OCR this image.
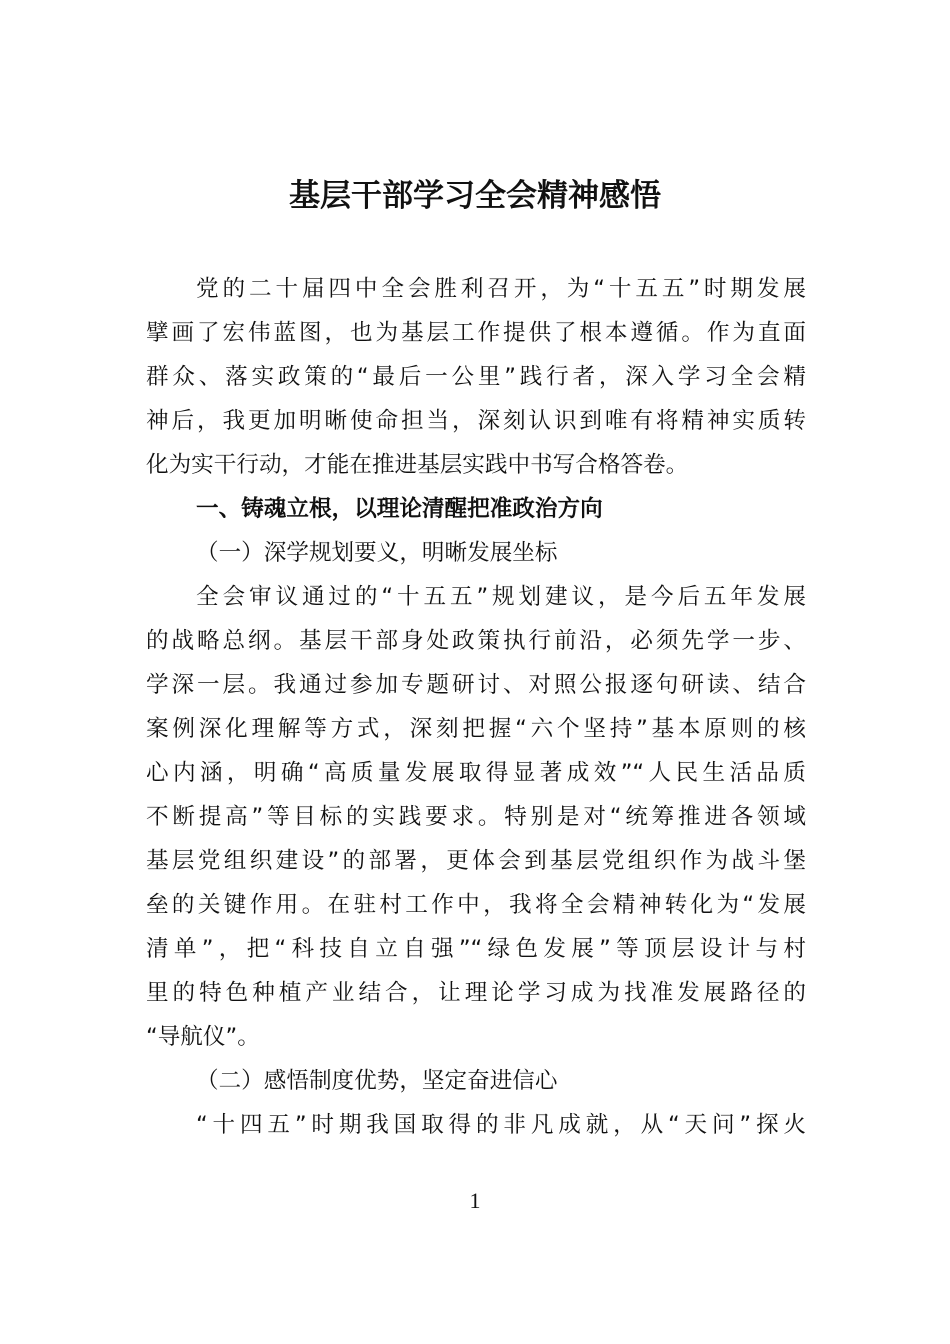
基层干部学习全会精神感悟
党的二十届四中全会胜利召开，为“十五五”时期发展
擘画了宏伟蓝图，也为基层工作提供了根本遵循。作为直面
群众、落实政策的“最后一公里”践行者，深入学习全会精
神后，我更加明晰使命担当，深刻认识到唯有将精神实质转
化为实干行动，才能在推进基层实践中书写合格答卷。
一、铸魂立根，以理论清醒把准政治方向
（一）深学规划要义，明晰发展坐标
全会审议通过的“十五五”规划建议，是今后五年发展
的战略总纲。基层干部身处政策执行前沿，必须先学一步、
学深一层。我通过参加专题研讨、对照公报逐句研读、结合
案例深化理解等方式，深刻把握“六个坚持”基本原则的核
心内涵，明确“高质量发展取得显著成效”“人民生活品质
不断提高”等目标的实践要求。特别是对“统筹推进各领域
基层党组织建设”的部署，更体会到基层党组织作为战斗堡
垒的关键作用。在驻村工作中，我将全会精神转化为“发展
清单”，把“科技自立自强”“绿色发展”等顶层设计与村
里的特色种植产业结合，让理论学习成为找准发展路径的
“导航仪”。
（二）感悟制度优势，坚定奋进信心
“十四五”时期我国取得的非凡成就，从“天问”探火
1
